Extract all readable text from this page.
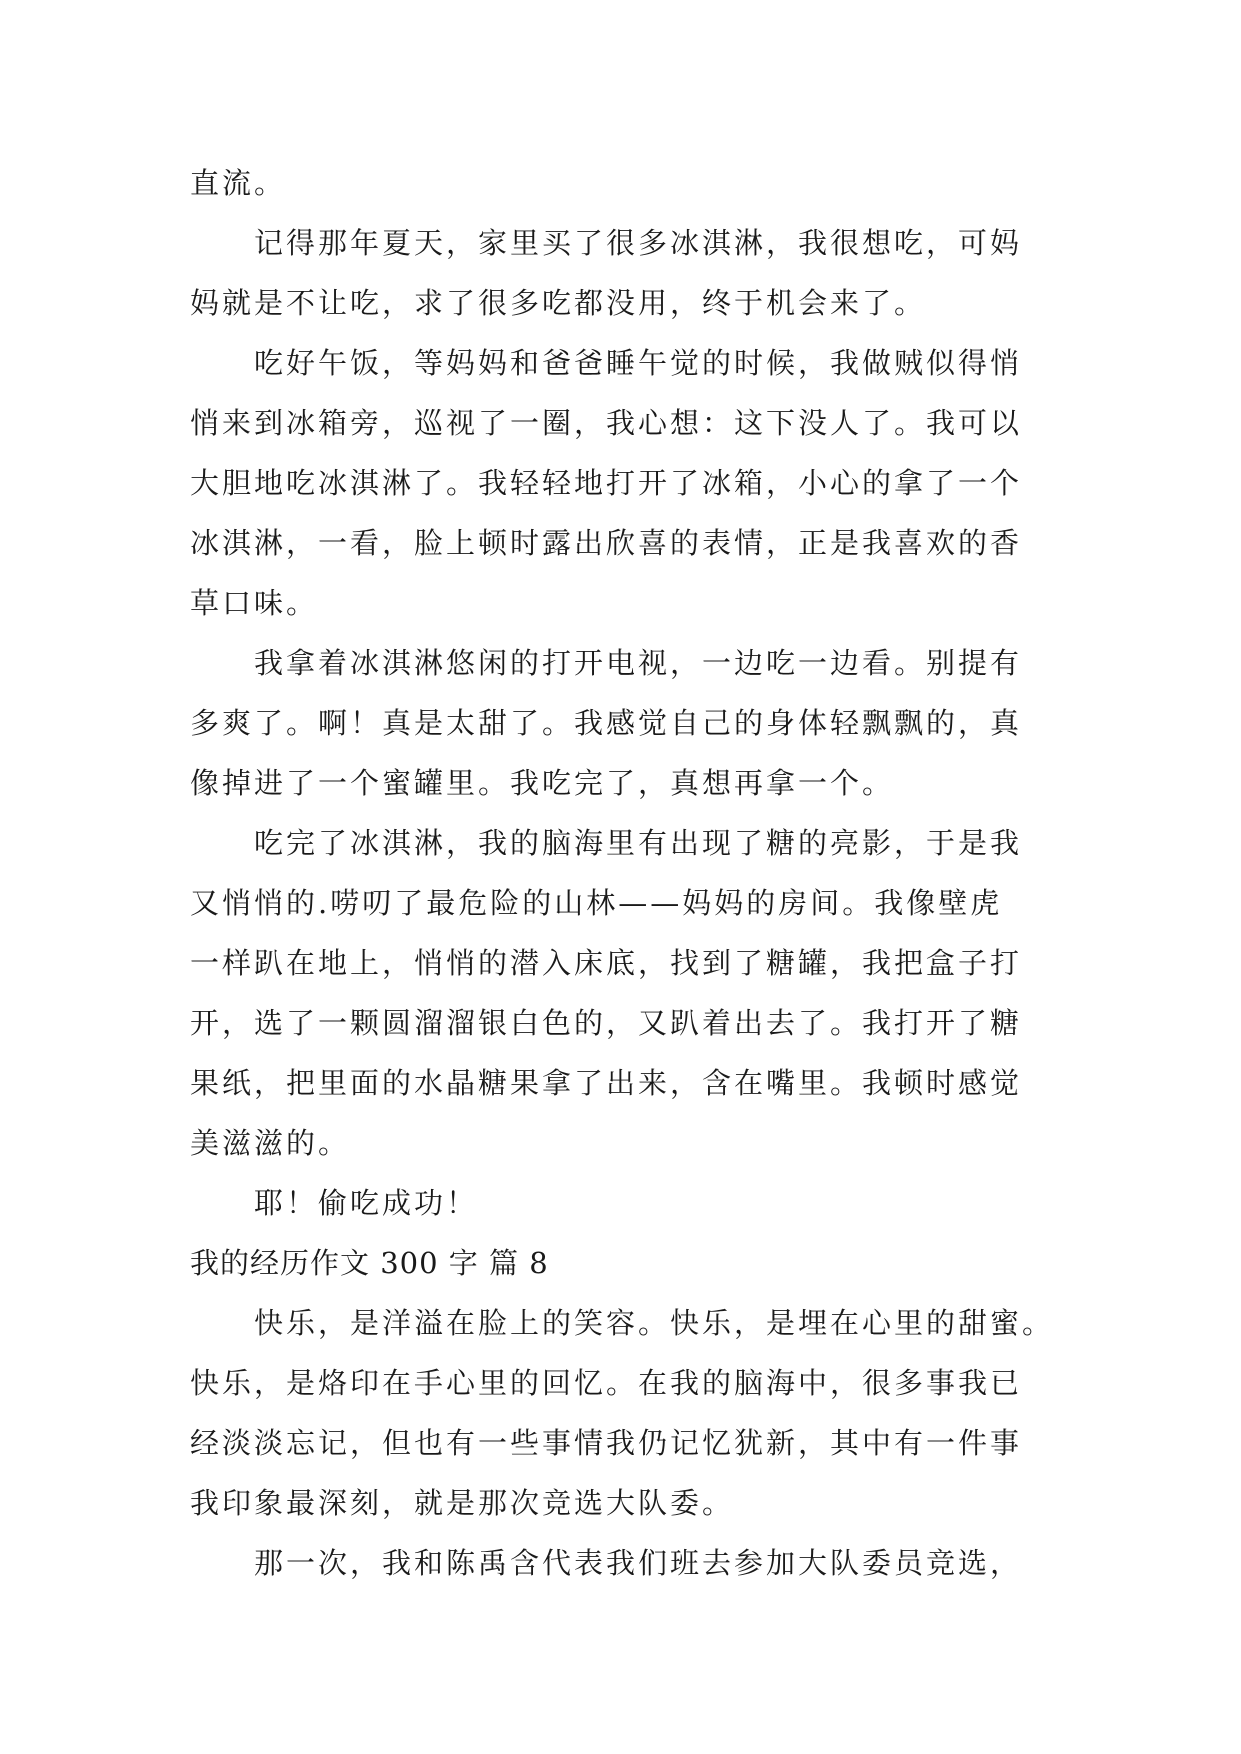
直流。
记得那年夏天，家里买了很多冰淇淋，我很想吃，可妈
妈就是不让吃，求了很多吃都没用，终于机会来了。
吃好午饭，等妈妈和爸爸睡午觉的时候，我做贼似得悄
悄来到冰箱旁，巡视了一圈，我心想：这下没人了。我可以
大胆地吃冰淇淋了。我轻轻地打开了冰箱，小心的拿了一个
冰淇淋，一看，脸上顿时露出欣喜的表情，正是我喜欢的香
草口味。
我拿着冰淇淋悠闲的打开电视，一边吃一边看。别提有
多爽了。啊！真是太甜了。我感觉自己的身体轻飘飘的，真
像掉进了一个蜜罐里。我吃完了，真想再拿一个。
吃完了冰淇淋，我的脑海里有出现了糖的亮影，于是我
又悄悄的.唠叨了最危险的山林——妈妈的房间。我像壁虎
一样趴在地上，悄悄的潜入床底，找到了糖罐，我把盒子打
开，选了一颗圆溜溜银白色的，又趴着出去了。我打开了糖
果纸，把里面的水晶糖果拿了出来，含在嘴里。我顿时感觉
美滋滋的。
耶！偷吃成功！
我的经历作文 300 字 篇 8
快乐，是洋溢在脸上的笑容。快乐，是埋在心里的甜蜜。
快乐，是烙印在手心里的回忆。在我的脑海中，很多事我已
经淡淡忘记，但也有一些事情我仍记忆犹新，其中有一件事
我印象最深刻，就是那次竞选大队委。
那一次，我和陈禹含代表我们班去参加大队委员竞选，
